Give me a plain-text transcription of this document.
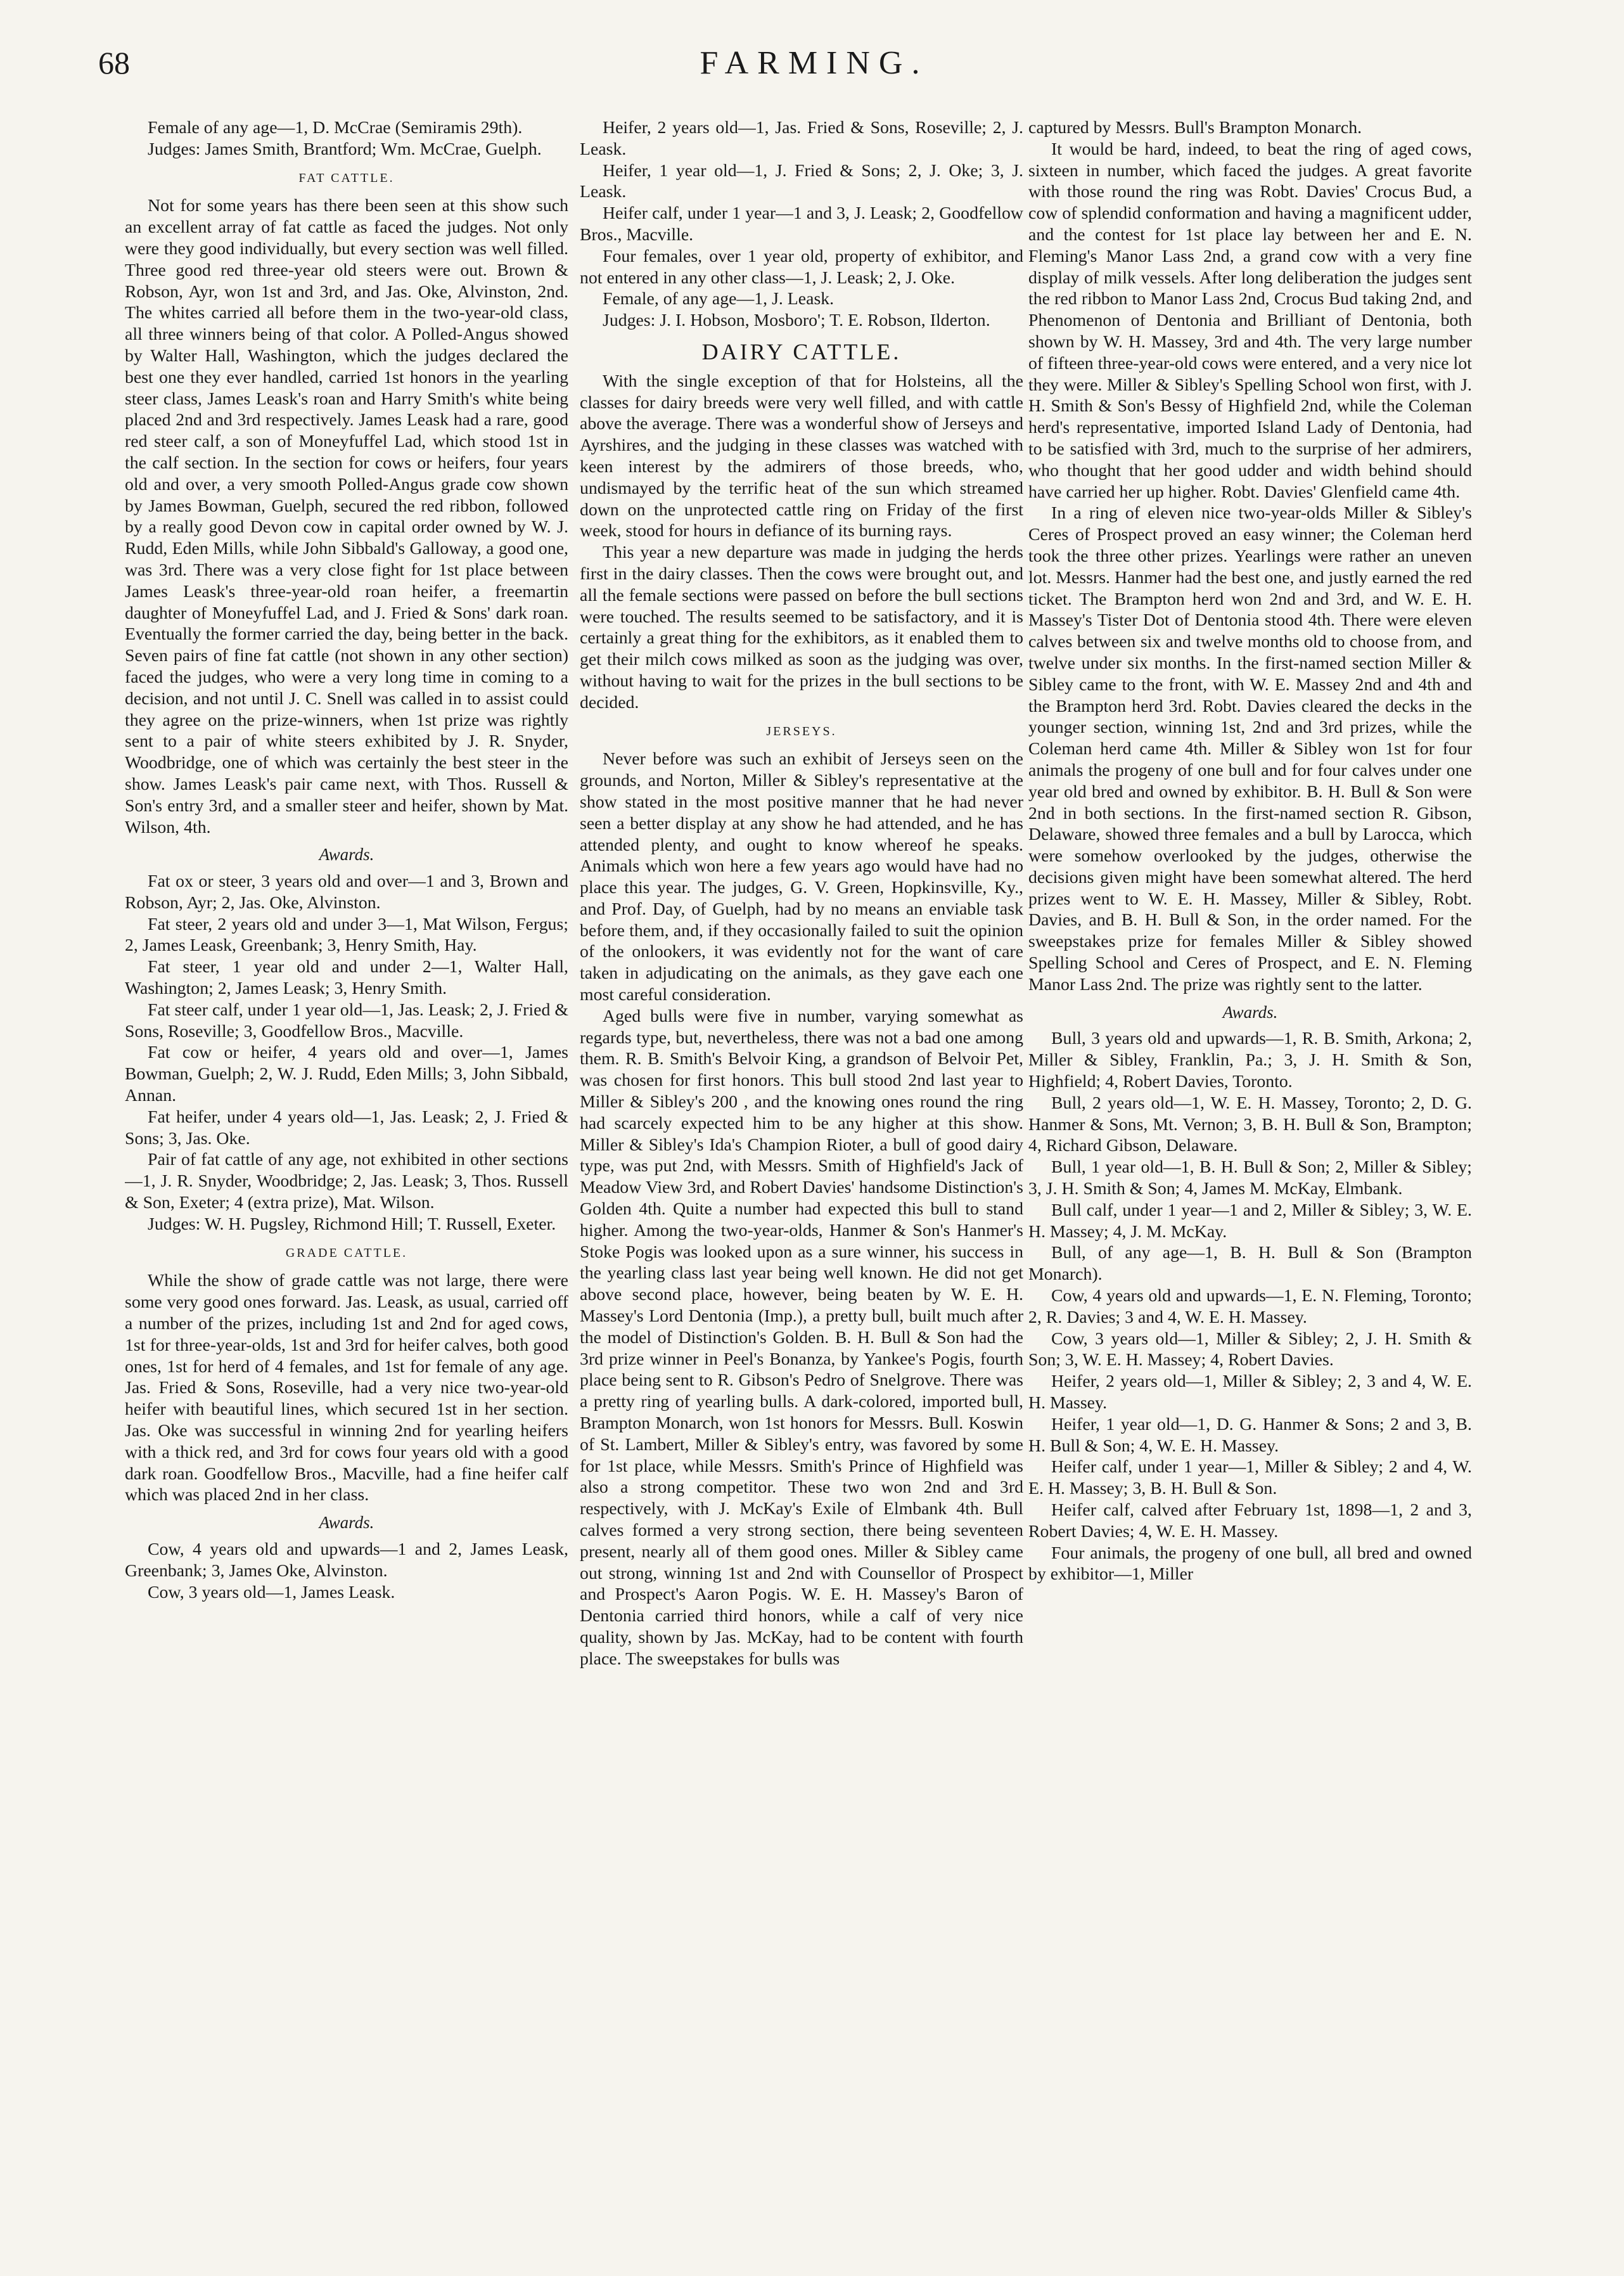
68	FARMING.

Female of any age—1, D. McCrae (Semiramis 29th).

Judges: James Smith, Brantford; Wm. McCrae, Guelph.

FAT CATTLE.

Not for some years has there been seen at this show such an excellent array of fat cattle as faced the judges. Not only were they good individually, but every section was well filled. Three good red three-year old steers were out. Brown & Robson, Ayr, won 1st and 3rd, and Jas. Oke, Alvinston, 2nd. The whites carried all before them in the two-year-old class, all three winners being of that color. A Polled-Angus showed by Walter Hall, Washington, which the judges declared the best one they ever handled, carried 1st honors in the yearling steer class, James Leask's roan and Harry Smith's white being placed 2nd and 3rd respectively. James Leask had a rare, good red steer calf, a son of Moneyfuffel Lad, which stood 1st in the calf section. In the section for cows or heifers, four years old and over, a very smooth Polled-Angus grade cow shown by James Bowman, Guelph, secured the red ribbon, followed by a really good Devon cow in capital order owned by W. J. Rudd, Eden Mills, while John Sibbald's Galloway, a good one, was 3rd. There was a very close fight for 1st place between James Leask's three-year-old roan heifer, a freemartin daughter of Moneyfuffel Lad, and J. Fried & Sons' dark roan. Eventually the former carried the day, being better in the back. Seven pairs of fine fat cattle (not shown in any other section) faced the judges, who were a very long time in coming to a decision, and not until J. C. Snell was called in to assist could they agree on the prize-winners, when 1st prize was rightly sent to a pair of white steers exhibited by J. R. Snyder, Woodbridge, one of which was certainly the best steer in the show. James Leask's pair came next, with Thos. Russell & Son's entry 3rd, and a smaller steer and heifer, shown by Mat. Wilson, 4th.

Awards.

Fat ox or steer, 3 years old and over—1 and 3, Brown and Robson, Ayr; 2, Jas. Oke, Alvinston.

Fat steer, 2 years old and under 3—1, Mat Wilson, Fergus; 2, James Leask, Greenbank; 3, Henry Smith, Hay.

Fat steer, 1 year old and under 2—1, Walter Hall, Washington; 2, James Leask; 3, Henry Smith.

Fat steer calf, under 1 year old—1, Jas. Leask; 2, J. Fried & Sons, Roseville; 3, Goodfellow Bros., Macville.

Fat cow or heifer, 4 years old and over—1, James Bowman, Guelph; 2, W. J. Rudd, Eden Mills; 3, John Sibbald, Annan.

Fat heifer, under 4 years old—1, Jas. Leask; 2, J. Fried & Sons; 3, Jas. Oke.

Pair of fat cattle of any age, not exhibited in other sections—1, J. R. Snyder, Woodbridge; 2, Jas. Leask; 3, Thos. Russell & Son, Exeter; 4 (extra prize), Mat. Wilson.

Judges: W. H. Pugsley, Richmond Hill; T. Russell, Exeter.

GRADE CATTLE.

While the show of grade cattle was not large, there were some very good ones forward. Jas. Leask, as usual, carried off a number of the prizes, including 1st and 2nd for aged cows, 1st for three-year-olds, 1st and 3rd for heifer calves, both good ones, 1st for herd of 4 females, and 1st for female of any age. Jas. Fried & Sons, Roseville, had a very nice two-year-old heifer with beautiful lines, which secured 1st in her section. Jas. Oke was successful in winning 2nd for yearling heifers with a thick red, and 3rd for cows four years old with a good dark roan. Goodfellow Bros., Macville, had a fine heifer calf which was placed 2nd in her class.

Awards.

Cow, 4 years old and upwards—1 and 2, James Leask, Greenbank; 3, James Oke, Alvinston.

Cow, 3 years old—1, James Leask.

Heifer, 2 years old—1, Jas. Fried & Sons, Roseville; 2, J. Leask.

Heifer, 1 year old—1, J. Fried & Sons; 2, J. Oke; 3, J. Leask.

Heifer calf, under 1 year—1 and 3, J. Leask; 2, Goodfellow Bros., Macville.

Four females, over 1 year old, property of exhibitor, and not entered in any other class—1, J. Leask; 2, J. Oke.

Female, of any age—1, J. Leask.

Judges: J. I. Hobson, Mosboro'; T. E. Robson, Ilderton.

DAIRY CATTLE.

With the single exception of that for Holsteins, all the classes for dairy breeds were very well filled, and with cattle above the average. There was a wonderful show of Jerseys and Ayrshires, and the judging in these classes was watched with keen interest by the admirers of those breeds, who, undismayed by the terrific heat of the sun which streamed down on the unprotected cattle ring on Friday of the first week, stood for hours in defiance of its burning rays.

This year a new departure was made in judging the herds first in the dairy classes. Then the cows were brought out, and all the female sections were passed on before the bull sections were touched. The results seemed to be satisfactory, and it is certainly a great thing for the exhibitors, as it enabled them to get their milch cows milked as soon as the judging was over, without having to wait for the prizes in the bull sections to be decided.

JERSEYS.

Never before was such an exhibit of Jerseys seen on the grounds, and Norton, Miller & Sibley's representative at the show stated in the most positive manner that he had never seen a better display at any show he had attended, and he has attended plenty, and ought to know whereof he speaks. Animals which won here a few years ago would have had no place this year. The judges, G. V. Green, Hopkinsville, Ky., and Prof. Day, of Guelph, had by no means an enviable task before them, and, if they occasionally failed to suit the opinion of the onlookers, it was evidently not for the want of care taken in adjudicating on the animals, as they gave each one most careful consideration.

Aged bulls were five in number, varying somewhat as regards type, but, nevertheless, there was not a bad one among them. R. B. Smith's Belvoir King, a grandson of Belvoir Pet, was chosen for first honors. This bull stood 2nd last year to Miller & Sibley's 200 , and the knowing ones round the ring had scarcely expected him to be any higher at this show. Miller & Sibley's Ida's Champion Rioter, a bull of good dairy type, was put 2nd, with Messrs. Smith of Highfield's Jack of Meadow View 3rd, and Robert Davies' handsome Distinction's Golden 4th. Quite a number had expected this bull to stand higher. Among the two-year-olds, Hanmer & Son's Hanmer's Stoke Pogis was looked upon as a sure winner, his success in the yearling class last year being well known. He did not get above second place, however, being beaten by W. E. H. Massey's Lord Dentonia (Imp.), a pretty bull, built much after the model of Distinction's Golden. B. H. Bull & Son had the 3rd prize winner in Peel's Bonanza, by Yankee's Pogis, fourth place being sent to R. Gibson's Pedro of Snelgrove. There was a pretty ring of yearling bulls. A dark-colored, imported bull, Brampton Monarch, won 1st honors for Messrs. Bull. Koswin of St. Lambert, Miller & Sibley's entry, was favored by some for 1st place, while Messrs. Smith's Prince of Highfield was also a strong competitor. These two won 2nd and 3rd respectively, with J. McKay's Exile of Elmbank 4th. Bull calves formed a very strong section, there being seventeen present, nearly all of them good ones. Miller & Sibley came out strong, winning 1st and 2nd with Counsellor of Prospect and Prospect's Aaron Pogis. W. E. H. Massey's Baron of Dentonia carried third honors, while a calf of very nice quality, shown by Jas. McKay, had to be content with fourth place. The sweepstakes for bulls was

captured by Messrs. Bull's Brampton Monarch.

It would be hard, indeed, to beat the ring of aged cows, sixteen in number, which faced the judges. A great favorite with those round the ring was Robt. Davies' Crocus Bud, a cow of splendid conformation and having a magnificent udder, and the contest for 1st place lay between her and E. N. Fleming's Manor Lass 2nd, a grand cow with a very fine display of milk vessels. After long deliberation the judges sent the red ribbon to Manor Lass 2nd, Crocus Bud taking 2nd, and Phenomenon of Dentonia and Brilliant of Dentonia, both shown by W. H. Massey, 3rd and 4th. The very large number of fifteen three-year-old cows were entered, and a very nice lot they were. Miller & Sibley's Spelling School won first, with J. H. Smith & Son's Bessy of Highfield 2nd, while the Coleman herd's representative, imported Island Lady of Dentonia, had to be satisfied with 3rd, much to the surprise of her admirers, who thought that her good udder and width behind should have carried her up higher. Robt. Davies' Glenfield came 4th.

In a ring of eleven nice two-year-olds Miller & Sibley's Ceres of Prospect proved an easy winner; the Coleman herd took the three other prizes. Yearlings were rather an uneven lot. Messrs. Hanmer had the best one, and justly earned the red ticket. The Brampton herd won 2nd and 3rd, and W. E. H. Massey's Tister Dot of Dentonia stood 4th. There were eleven calves between six and twelve months old to choose from, and twelve under six months. In the first-named section Miller & Sibley came to the front, with W. E. Massey 2nd and 4th and the Brampton herd 3rd. Robt. Davies cleared the decks in the younger section, winning 1st, 2nd and 3rd prizes, while the Coleman herd came 4th. Miller & Sibley won 1st for four animals the progeny of one bull and for four calves under one year old bred and owned by exhibitor. B. H. Bull & Son were 2nd in both sections. In the first-named section R. Gibson, Delaware, showed three females and a bull by Larocca, which were somehow overlooked by the judges, otherwise the decisions given might have been somewhat altered. The herd prizes went to W. E. H. Massey, Miller & Sibley, Robt. Davies, and B. H. Bull & Son, in the order named. For the sweepstakes prize for females Miller & Sibley showed Spelling School and Ceres of Prospect, and E. N. Fleming Manor Lass 2nd. The prize was rightly sent to the latter.

Awards.

Bull, 3 years old and upwards—1, R. B. Smith, Arkona; 2, Miller & Sibley, Franklin, Pa.; 3, J. H. Smith & Son, Highfield; 4, Robert Davies, Toronto.

Bull, 2 years old—1, W. E. H. Massey, Toronto; 2, D. G. Hanmer & Sons, Mt. Vernon; 3, B. H. Bull & Son, Brampton; 4, Richard Gibson, Delaware.

Bull, 1 year old—1, B. H. Bull & Son; 2, Miller & Sibley; 3, J. H. Smith & Son; 4, James M. McKay, Elmbank.

Bull calf, under 1 year—1 and 2, Miller & Sibley; 3, W. E. H. Massey; 4, J. M. McKay.

Bull, of any age—1, B. H. Bull & Son (Brampton Monarch).

Cow, 4 years old and upwards—1, E. N. Fleming, Toronto; 2, R. Davies; 3 and 4, W. E. H. Massey.

Cow, 3 years old—1, Miller & Sibley; 2, J. H. Smith & Son; 3, W. E. H. Massey; 4, Robert Davies.

Heifer, 2 years old—1, Miller & Sibley; 2, 3 and 4, W. E. H. Massey.

Heifer, 1 year old—1, D. G. Hanmer & Sons; 2 and 3, B. H. Bull & Son; 4, W. E. H. Massey.

Heifer calf, under 1 year—1, Miller & Sibley; 2 and 4, W. E. H. Massey; 3, B. H. Bull & Son.

Heifer calf, calved after February 1st, 1898—1, 2 and 3, Robert Davies; 4, W. E. H. Massey.

Four animals, the progeny of one bull, all bred and owned by exhibitor—1, Miller
